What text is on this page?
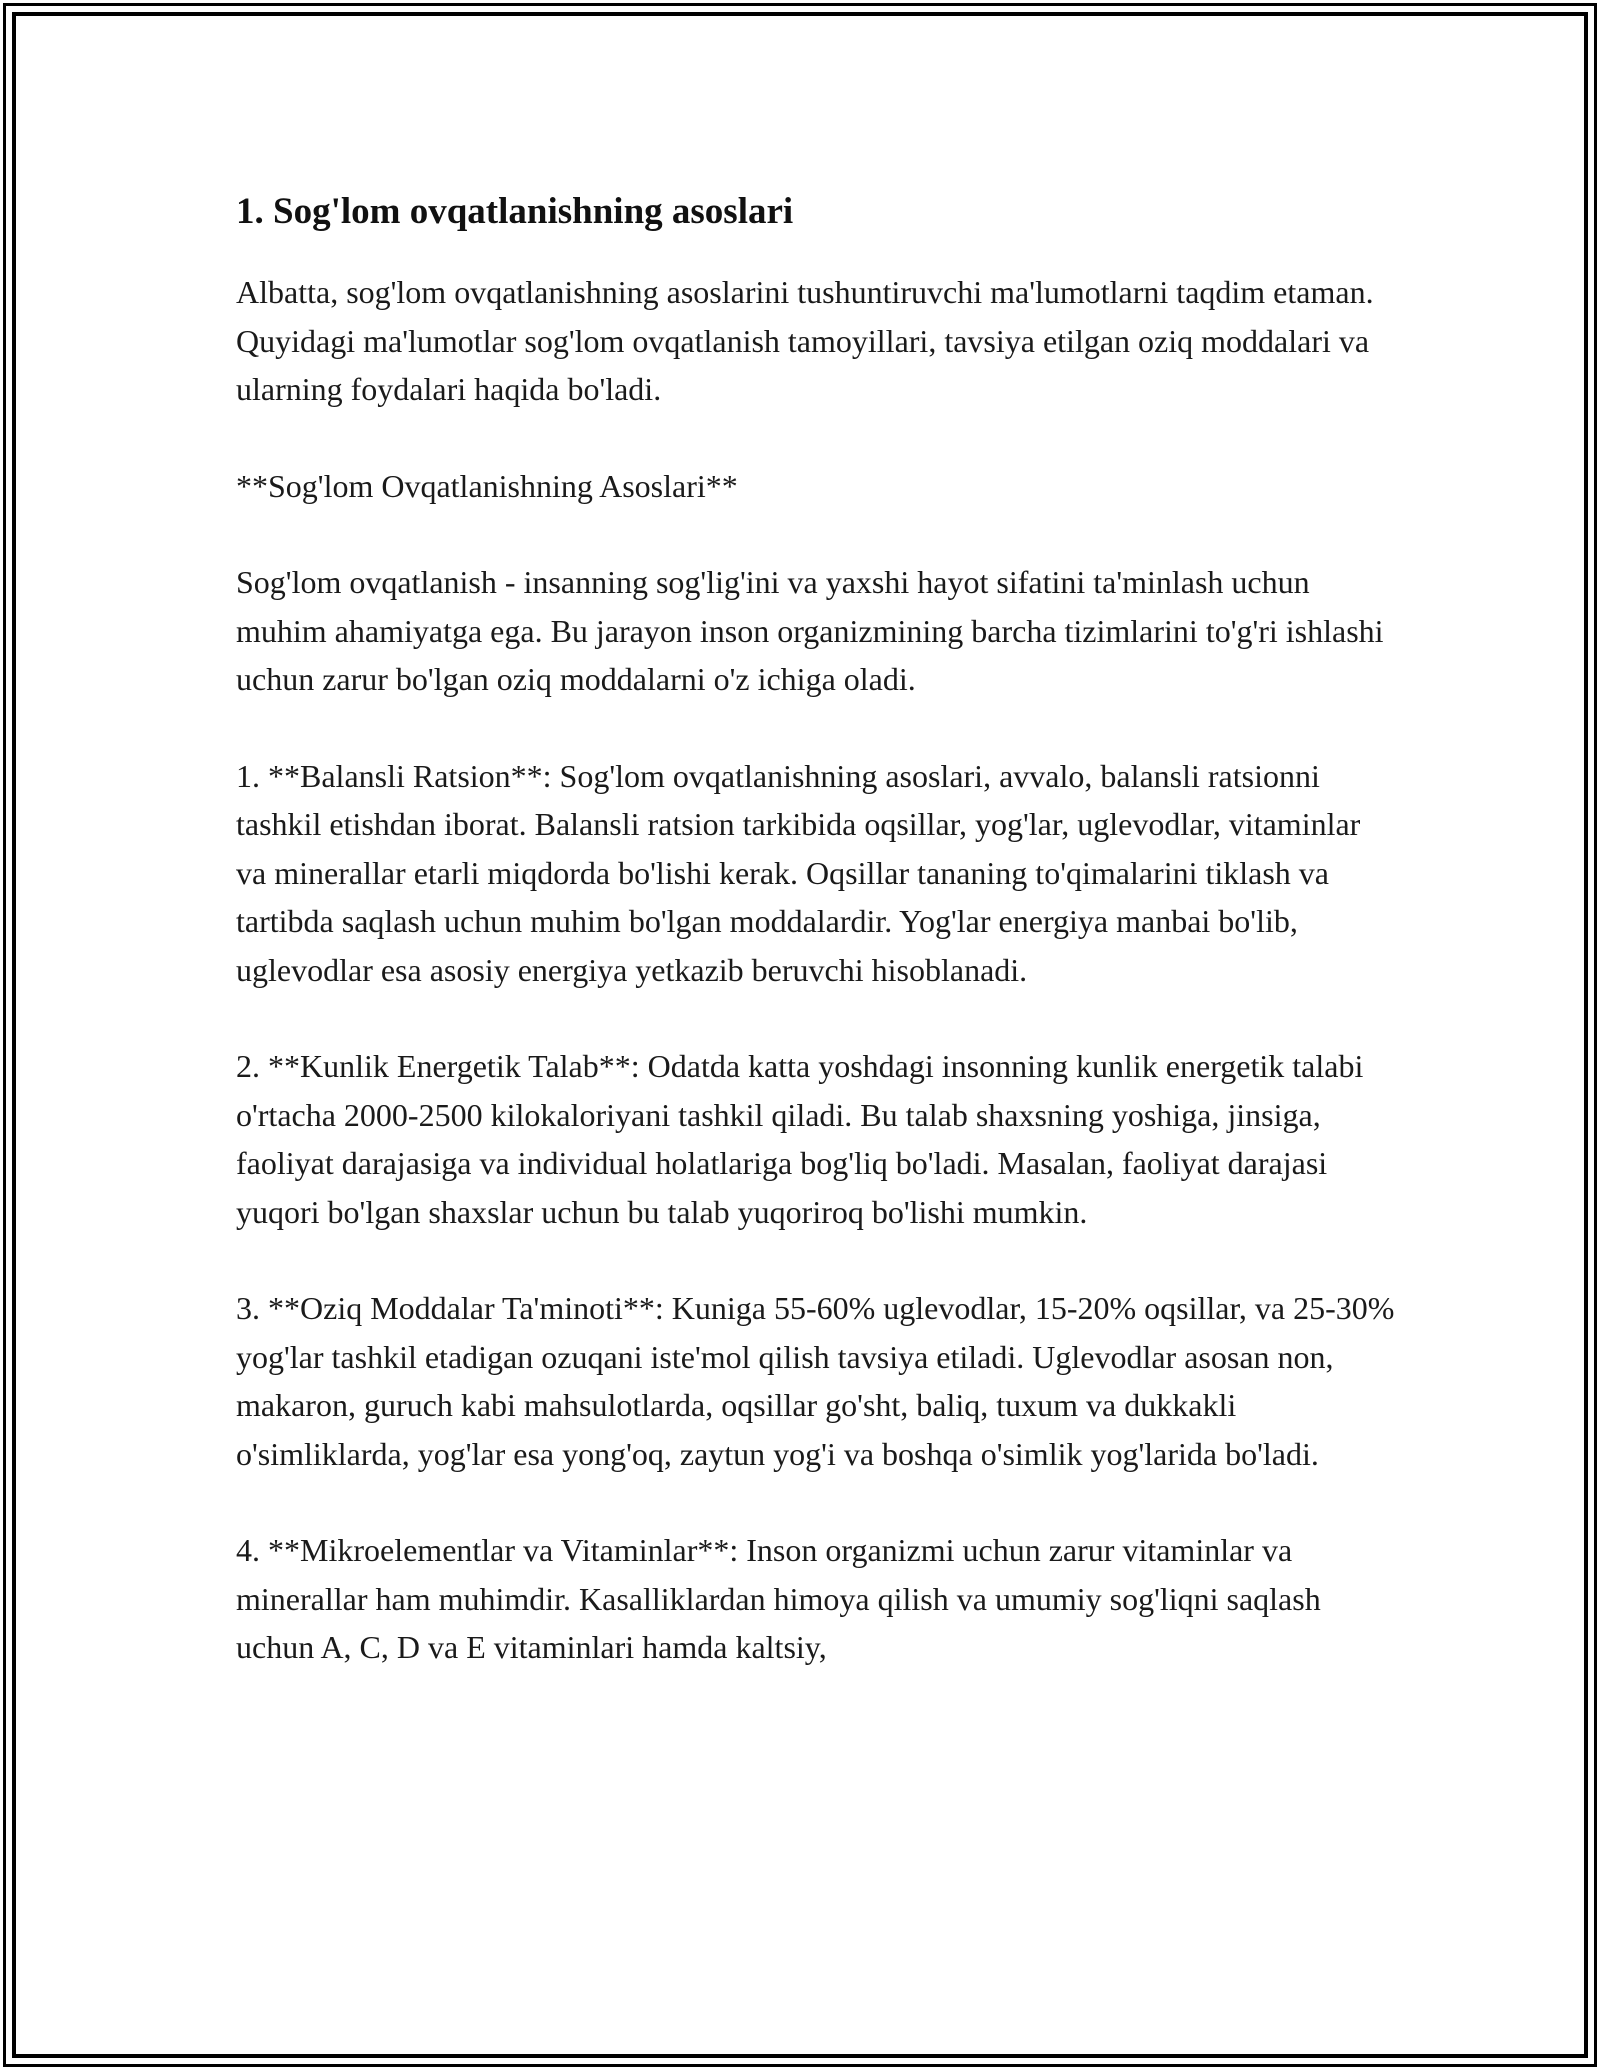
1. Sog'lom ovqatlanishning asoslari

Albatta, sog'lom ovqatlanishning asoslarini tushuntiruvchi ma'lumotlarni taqdim etaman. Quyidagi ma'lumotlar sog'lom ovqatlanish tamoyillari, tavsiya etilgan oziq moddalari va ularning foydalari haqida bo'ladi.

**Sog'lom Ovqatlanishning Asoslari**

Sog'lom ovqatlanish - insanning sog'lig'ini va yaxshi hayot sifatini ta'minlash uchun muhim ahamiyatga ega. Bu jarayon inson organizmining barcha tizimlarini to'g'ri ishlashi uchun zarur bo'lgan oziq moddalarni o'z ichiga oladi.

1. **Balansli Ratsion**: Sog'lom ovqatlanishning asoslari, avvalo, balansli ratsionni tashkil etishdan iborat. Balansli ratsion tarkibida oqsillar, yog'lar, uglevodlar, vitaminlar va minerallar etarli miqdorda bo'lishi kerak. Oqsillar tananing to'qimalarini tiklash va tartibda saqlash uchun muhim bo'lgan moddalardir. Yog'lar energiya manbai bo'lib, uglevodlar esa asosiy energiya yetkazib beruvchi hisoblanadi.

2. **Kunlik Energetik Talab**: Odatda katta yoshdagi insonning kunlik energetik talabi o'rtacha 2000-2500 kilokaloriyani tashkil qiladi. Bu talab shaxsning yoshiga, jinsiga, faoliyat darajasiga va individual holatlariga bog'liq bo'ladi. Masalan, faoliyat darajasi yuqori bo'lgan shaxslar uchun bu talab yuqoriroq bo'lishi mumkin.

3. **Oziq Moddalar Ta'minoti**: Kuniga 55-60% uglevodlar, 15-20% oqsillar, va 25-30% yog'lar tashkil etadigan ozuqani iste'mol qilish tavsiya etiladi. Uglevodlar asosan non, makaron, guruch kabi mahsulotlarda, oqsillar go'sht, baliq, tuxum va dukkakli o'simliklarda, yog'lar esa yong'oq, zaytun yog'i va boshqa o'simlik yog'larida bo'ladi.

4. **Mikroelementlar va Vitaminlar**: Inson organizmi uchun zarur vitaminlar va minerallar ham muhimdir. Kasalliklardan himoya qilish va umumiy sog'liqni saqlash uchun A, C, D va E vitaminlari hamda kaltsiy,
